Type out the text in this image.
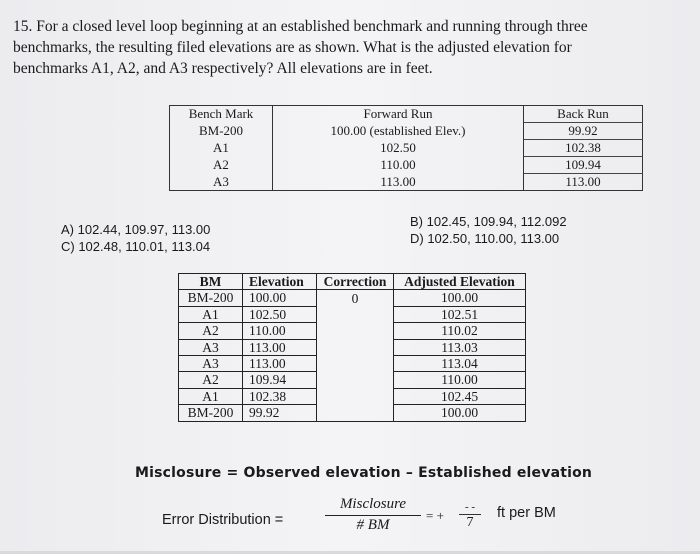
15. For a closed level loop beginning at an established benchmark and running through three
benchmarks, the resulting filed elevations are as shown. What is the adjusted elevation for
benchmarks A1, A2, and A3 respectively? All elevations are in feet.
Bench Mark	Forward Run	Back Run
BM-200	100.00 (established Elev.)	99.92
A1	102.50	102.38
A2	110.00	109.94
A3	113.00	113.00
A) 102.44, 109.97, 113.00
C) 102.48, 110.01, 113.04
B) 102.45, 109.94, 112.092
D) 102.50, 110.00, 113.00
BM	Elevation	Correction	Adjusted Elevation
BM-200	100.00	0	100.00
A1	102.50		102.51
A2	110.00		110.02
A3	113.00		113.03
A3	113.00		113.04
A2	109.94		110.00
A1	102.38		102.45
BM-200	99.92		100.00
Misclosure = Observed elevation – Established elevation
Error Distribution =
Misclosure
# BM
= +
- -
7
ft per BM
